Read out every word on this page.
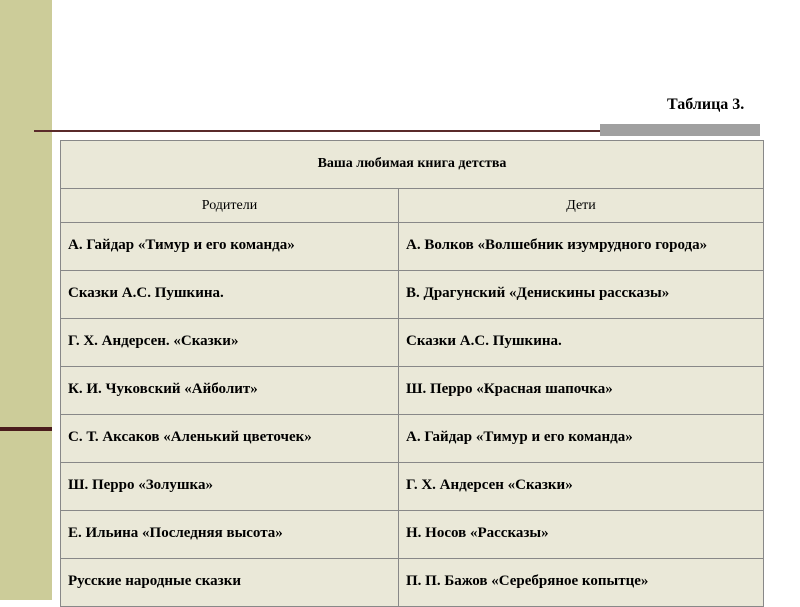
Таблица 3.
Ваша любимая книга детства	
Родители	Дети
А. Гайдар «Тимур и его команда»	А. Волков «Волшебник изумрудного города»
Сказки А.С. Пушкина.	В. Драгунский «Денискины рассказы»
Г. Х. Андерсен. «Сказки»	Сказки А.С. Пушкина.
К. И. Чуковский «Айболит»	Ш. Перро «Красная шапочка»
С. Т. Аксаков «Аленький цветочек»	А. Гайдар «Тимур и его команда»
Ш. Перро «Золушка»	Г. Х. Андерсен «Сказки»
Е. Ильина «Последняя высота»	Н. Носов «Рассказы»
Русские народные сказки	П. П. Бажов «Серебряное копытце»
